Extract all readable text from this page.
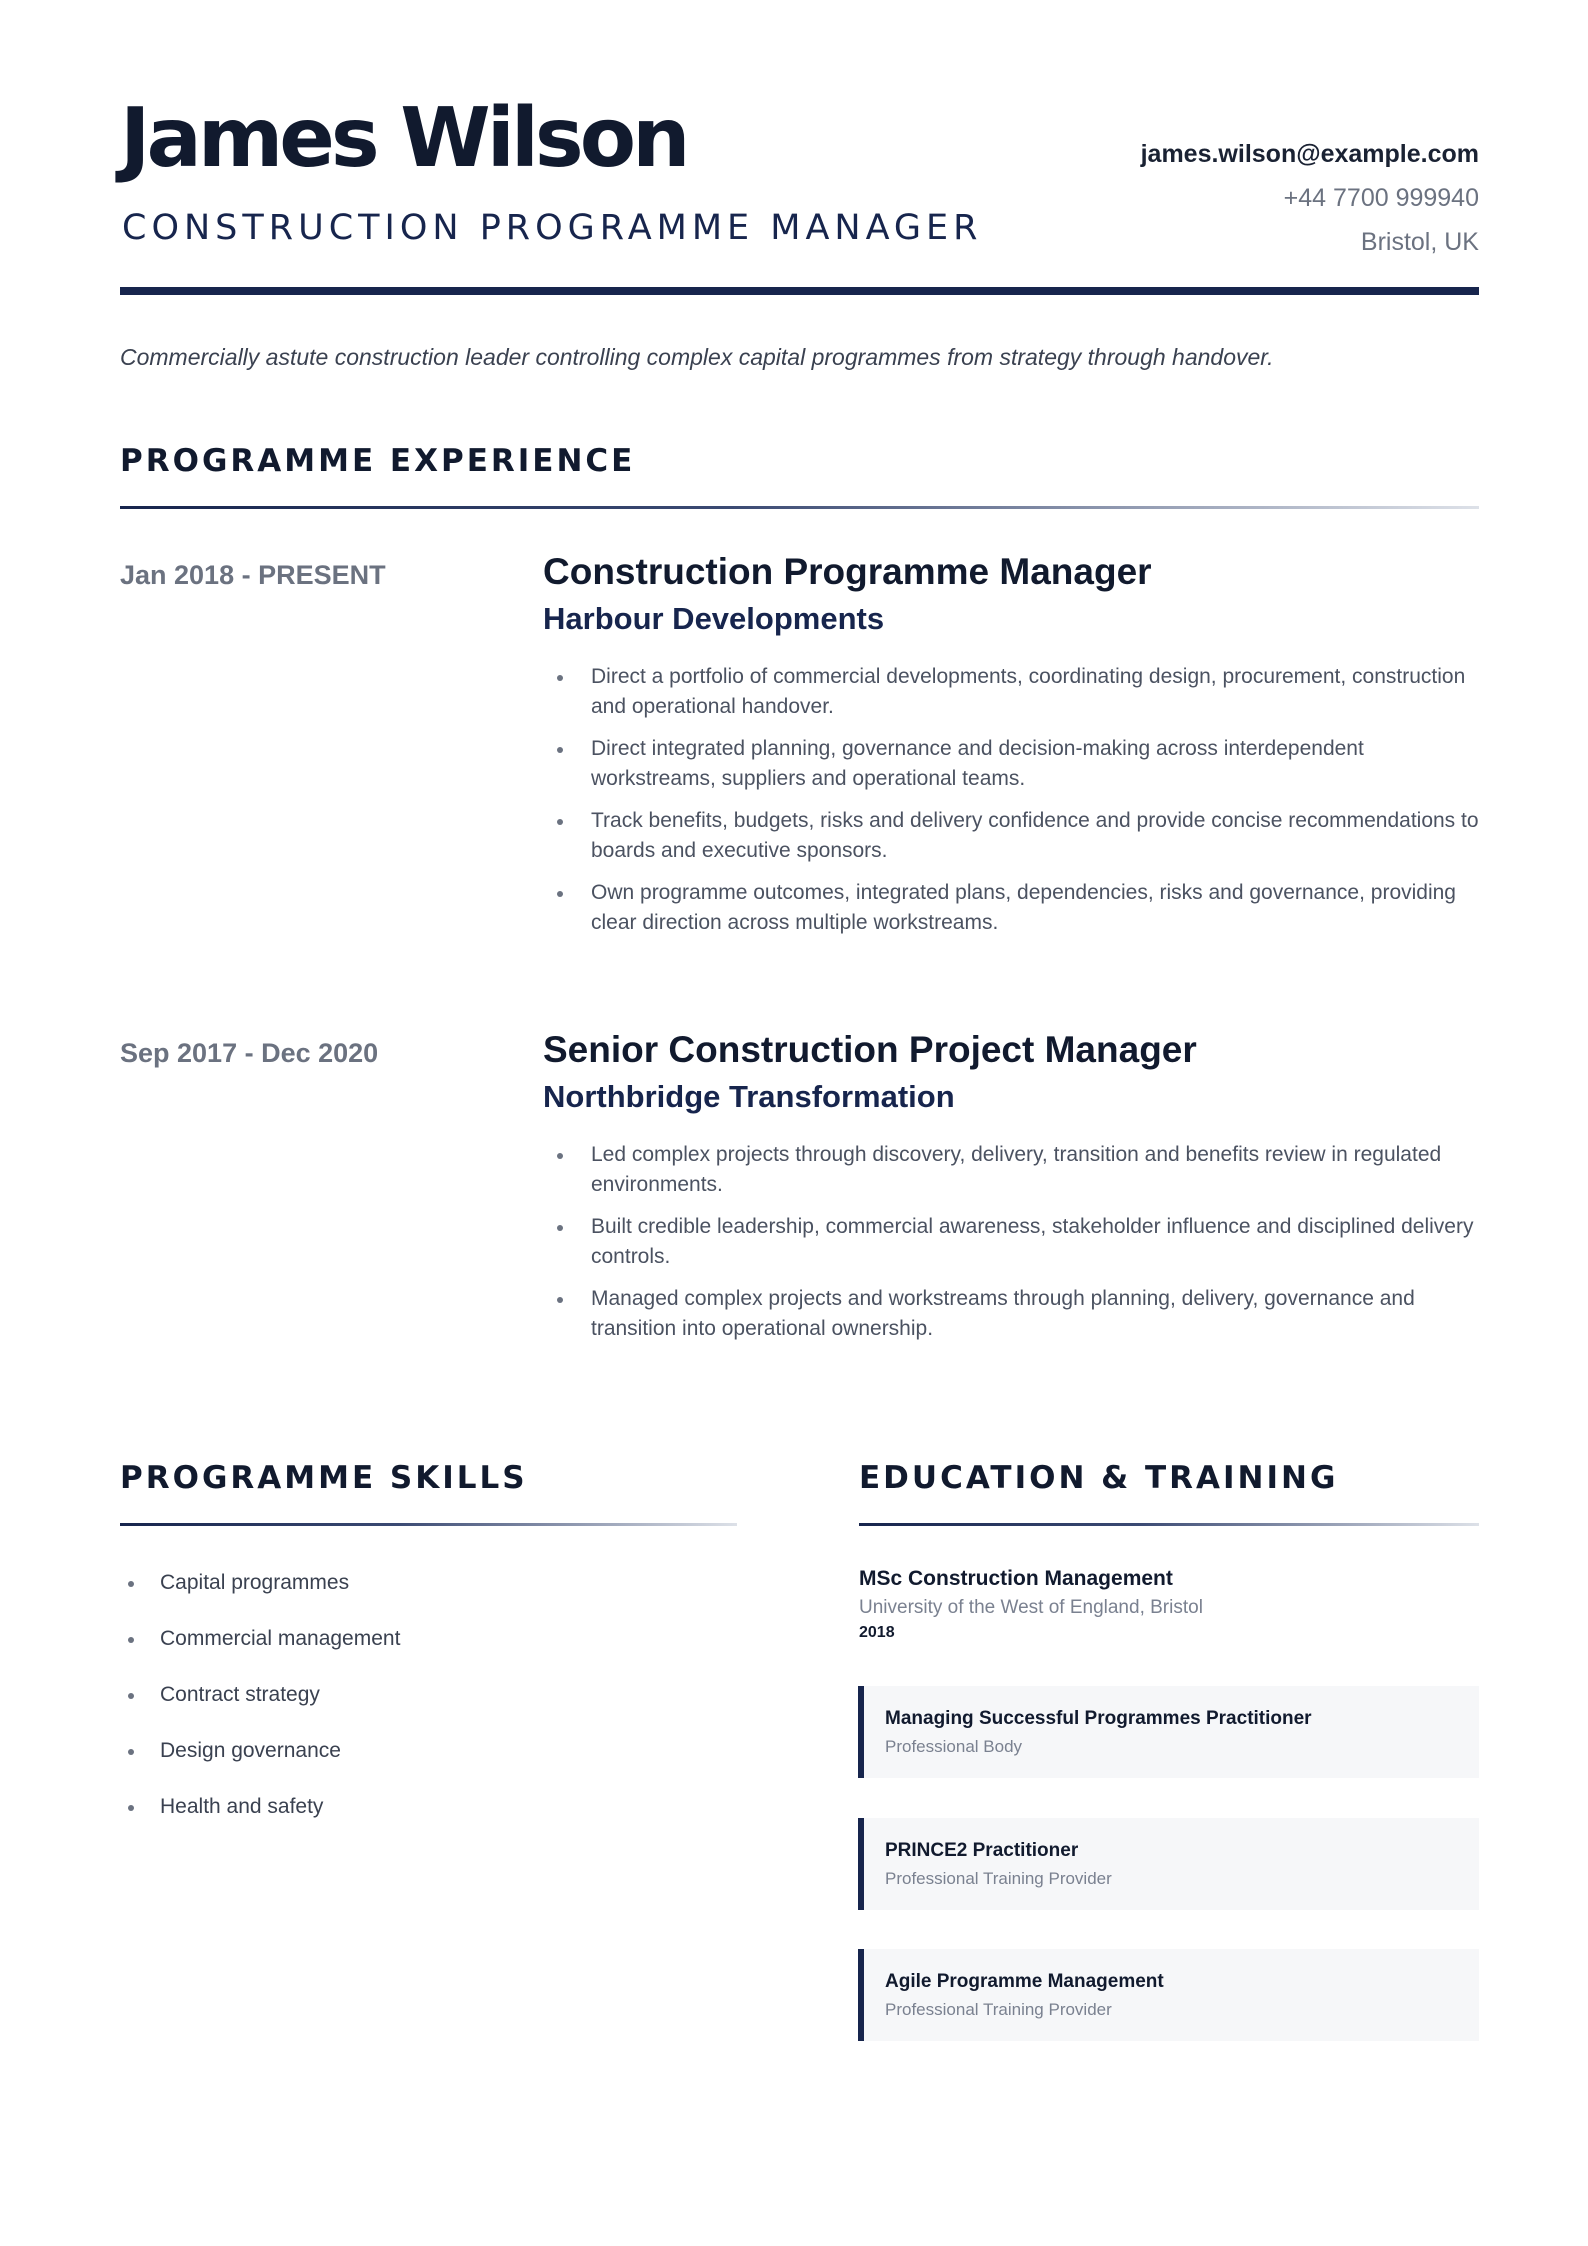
James Wilson
CONSTRUCTION PROGRAMME MANAGER
james.wilson@example.com
+44 7700 999940
Bristol, UK
Commercially astute construction leader controlling complex capital programmes from strategy through handover.
PROGRAMME EXPERIENCE
Jan 2018 - PRESENT	Construction Programme Manager
Harbour Developments
Direct a portfolio of commercial developments, coordinating design, procurement, construction and operational handover.
Direct integrated planning, governance and decision-making across interdependent workstreams, suppliers and operational teams.
Track benefits, budgets, risks and delivery confidence and provide concise recommendations to boards and executive sponsors.
Own programme outcomes, integrated plans, dependencies, risks and governance, providing clear direction across multiple workstreams.
Sep 2017 - Dec 2020	Senior Construction Project Manager
Northbridge Transformation
Led complex projects through discovery, delivery, transition and benefits review in regulated environments.
Built credible leadership, commercial awareness, stakeholder influence and disciplined delivery controls.
Managed complex projects and workstreams through planning, delivery, governance and transition into operational ownership.
PROGRAMME SKILLS
Capital programmes
Commercial management
Contract strategy
Design governance
Health and safety
EDUCATION & TRAINING
MSc Construction Management
University of the West of England, Bristol
2018
Managing Successful Programmes Practitioner
Professional Body
PRINCE2 Practitioner
Professional Training Provider
Agile Programme Management
Professional Training Provider
